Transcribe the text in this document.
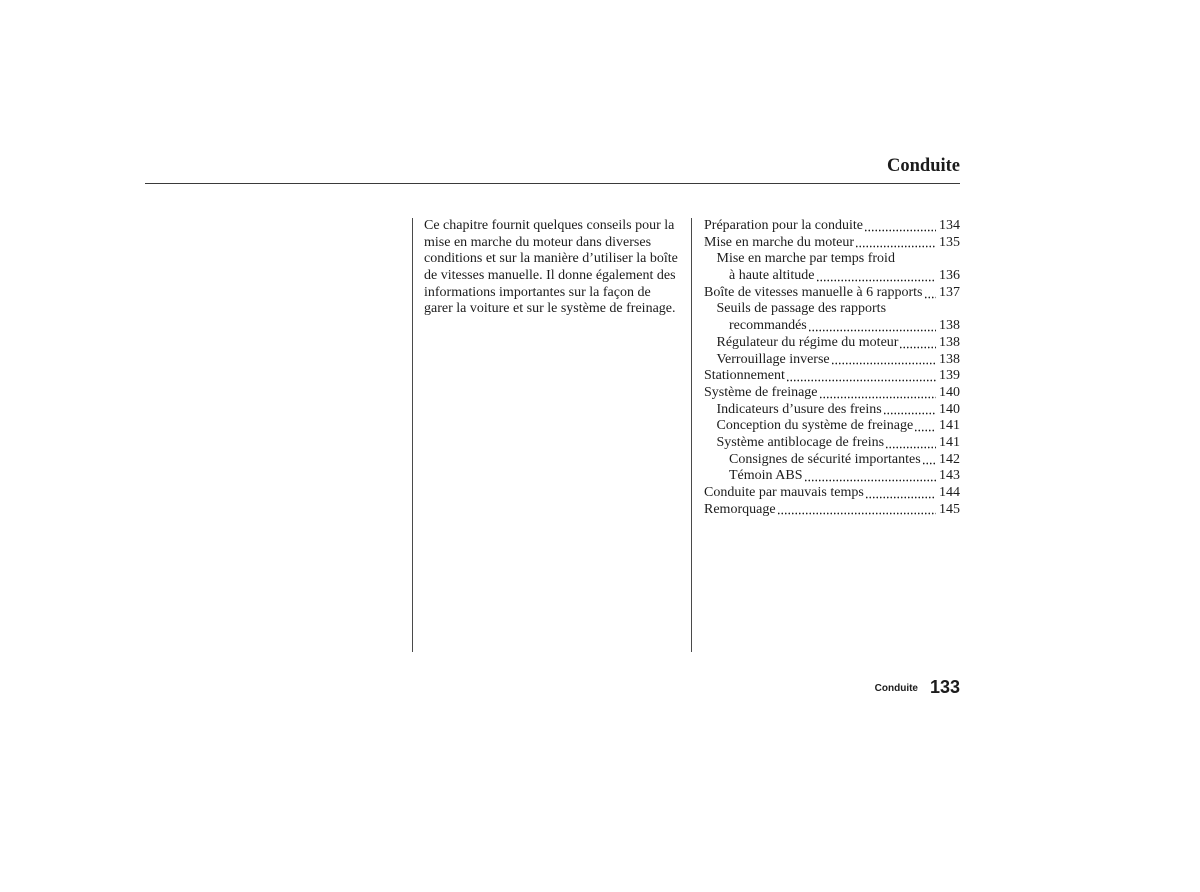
Conduite
Ce chapitre fournit quelques conseils pour la
mise en marche du moteur dans diverses
conditions et sur la manière d’utiliser la boîte
de vitesses manuelle. Il donne également des
informations importantes sur la façon de
garer la voiture et sur le système de freinage.
Préparation pour la conduite	134
Mise en marche du moteur	135
Mise en marche par temps froid
à haute altitude	136
Boîte de vitesses manuelle à 6 rapports 137
Seuils de passage des rapports
recommandés	138
Régulateur du régime du moteur	138
Verrouillage inverse	138
Stationnement	139
Système de freinage	140
Indicateurs d’usure des freins	140
Conception du système de freinage 141
Système antiblocage de freins	141
Consignes de sécurité importantes 142
Témoin ABS	143
Conduite par mauvais temps	144
Remorquage	145
Conduite 133
